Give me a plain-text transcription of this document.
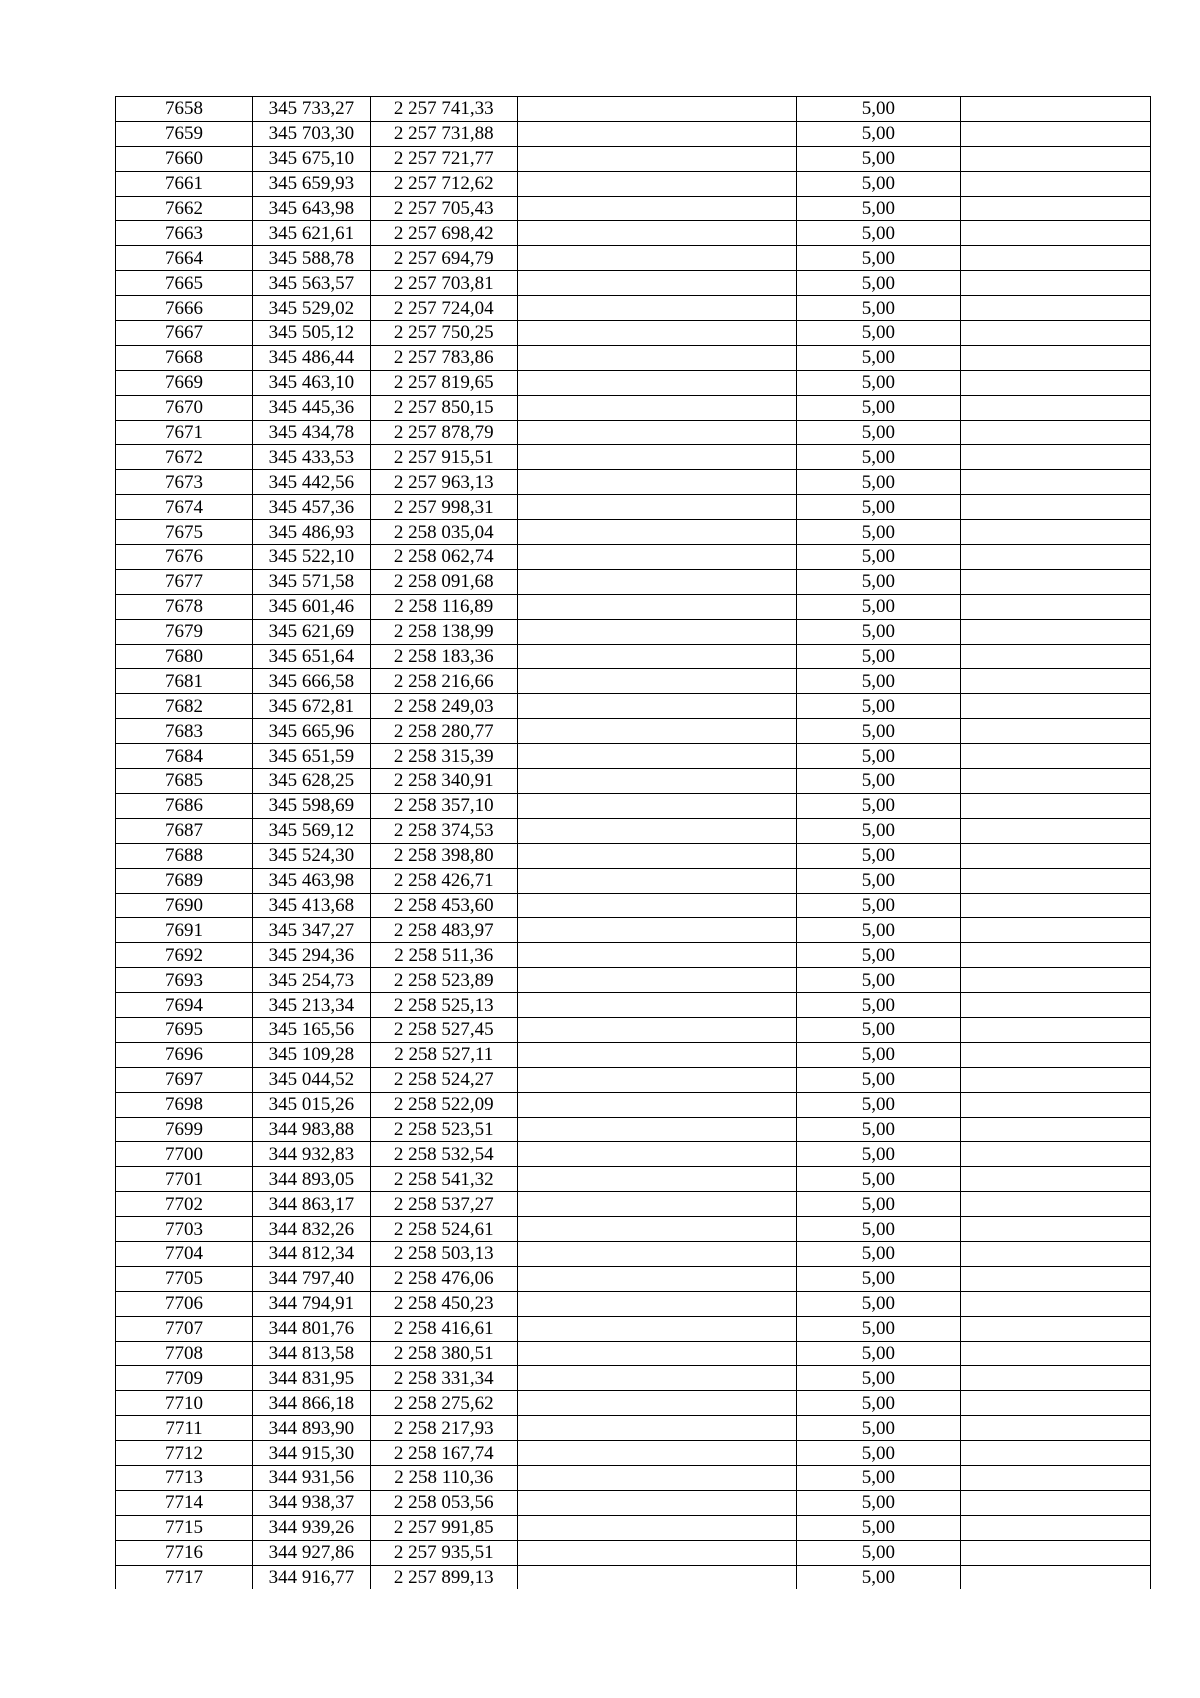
7658	345 733,27	2 257 741,33		5,00	
7659	345 703,30	2 257 731,88		5,00	
7660	345 675,10	2 257 721,77		5,00	
7661	345 659,93	2 257 712,62		5,00	
7662	345 643,98	2 257 705,43		5,00	
7663	345 621,61	2 257 698,42		5,00	
7664	345 588,78	2 257 694,79		5,00	
7665	345 563,57	2 257 703,81		5,00	
7666	345 529,02	2 257 724,04		5,00	
7667	345 505,12	2 257 750,25		5,00	
7668	345 486,44	2 257 783,86		5,00	
7669	345 463,10	2 257 819,65		5,00	
7670	345 445,36	2 257 850,15		5,00	
7671	345 434,78	2 257 878,79		5,00	
7672	345 433,53	2 257 915,51		5,00	
7673	345 442,56	2 257 963,13		5,00	
7674	345 457,36	2 257 998,31		5,00	
7675	345 486,93	2 258 035,04		5,00	
7676	345 522,10	2 258 062,74		5,00	
7677	345 571,58	2 258 091,68		5,00	
7678	345 601,46	2 258 116,89		5,00	
7679	345 621,69	2 258 138,99		5,00	
7680	345 651,64	2 258 183,36		5,00	
7681	345 666,58	2 258 216,66		5,00	
7682	345 672,81	2 258 249,03		5,00	
7683	345 665,96	2 258 280,77		5,00	
7684	345 651,59	2 258 315,39		5,00	
7685	345 628,25	2 258 340,91		5,00	
7686	345 598,69	2 258 357,10		5,00	
7687	345 569,12	2 258 374,53		5,00	
7688	345 524,30	2 258 398,80		5,00	
7689	345 463,98	2 258 426,71		5,00	
7690	345 413,68	2 258 453,60		5,00	
7691	345 347,27	2 258 483,97		5,00	
7692	345 294,36	2 258 511,36		5,00	
7693	345 254,73	2 258 523,89		5,00	
7694	345 213,34	2 258 525,13		5,00	
7695	345 165,56	2 258 527,45		5,00	
7696	345 109,28	2 258 527,11		5,00	
7697	345 044,52	2 258 524,27		5,00	
7698	345 015,26	2 258 522,09		5,00	
7699	344 983,88	2 258 523,51		5,00	
7700	344 932,83	2 258 532,54		5,00	
7701	344 893,05	2 258 541,32		5,00	
7702	344 863,17	2 258 537,27		5,00	
7703	344 832,26	2 258 524,61		5,00	
7704	344 812,34	2 258 503,13		5,00	
7705	344 797,40	2 258 476,06		5,00	
7706	344 794,91	2 258 450,23		5,00	
7707	344 801,76	2 258 416,61		5,00	
7708	344 813,58	2 258 380,51		5,00	
7709	344 831,95	2 258 331,34		5,00	
7710	344 866,18	2 258 275,62		5,00	
7711	344 893,90	2 258 217,93		5,00	
7712	344 915,30	2 258 167,74		5,00	
7713	344 931,56	2 258 110,36		5,00	
7714	344 938,37	2 258 053,56		5,00	
7715	344 939,26	2 257 991,85		5,00	
7716	344 927,86	2 257 935,51		5,00	
7717	344 916,77	2 257 899,13		5,00	
